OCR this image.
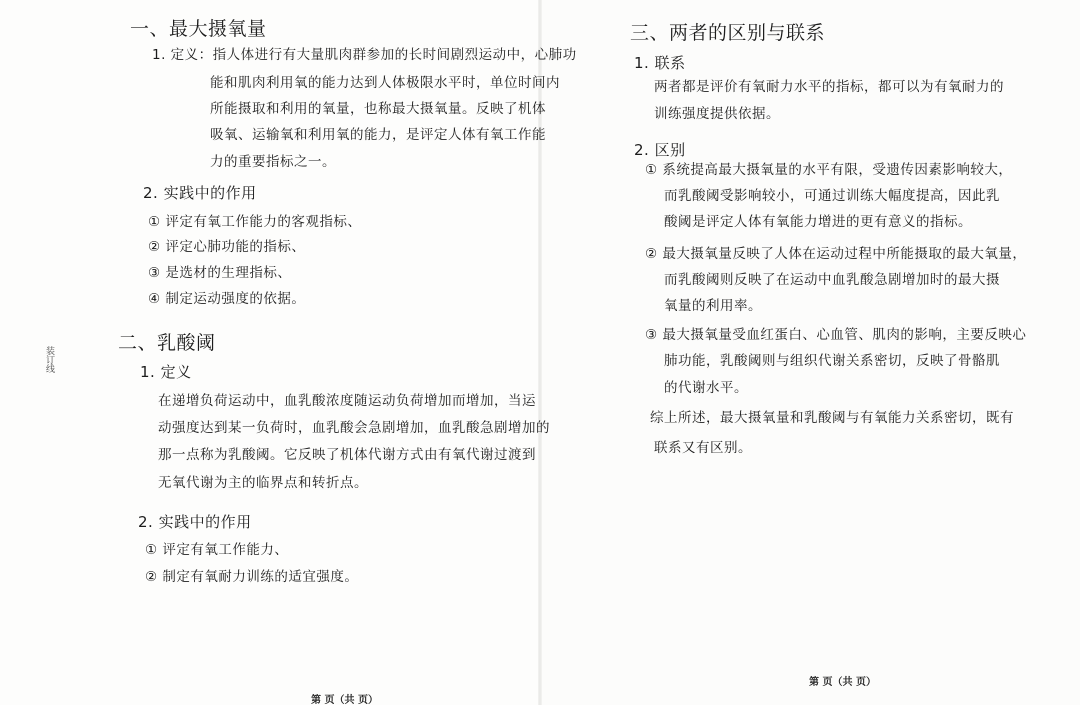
装订线
一、最大摄氧量
1. 定义：指人体进行有大量肌肉群参加的长时间剧烈运动中，心肺功
能和肌肉利用氧的能力达到人体极限水平时，单位时间内
所能摄取和利用的氧量，也称最大摄氧量。反映了机体
吸氧、运输氧和利用氧的能力，是评定人体有氧工作能
力的重要指标之一。
2. 实践中的作用
① 评定有氧工作能力的客观指标、
② 评定心肺功能的指标、
③ 是选材的生理指标、
④ 制定运动强度的依据。
二、乳酸阈
1. 定义
在递增负荷运动中，血乳酸浓度随运动负荷增加而增加，当运
动强度达到某一负荷时，血乳酸会急剧增加，血乳酸急剧增加的
那一点称为乳酸阈。它反映了机体代谢方式由有氧代谢过渡到
无氧代谢为主的临界点和转折点。
2. 实践中的作用
① 评定有氧工作能力、
② 制定有氧耐力训练的适宜强度。
第 页（共 页）
三、两者的区别与联系
1. 联系
两者都是评价有氧耐力水平的指标，都可以为有氧耐力的
训练强度提供依据。
2. 区别
① 系统提高最大摄氧量的水平有限，受遗传因素影响较大，
而乳酸阈受影响较小，可通过训练大幅度提高，因此乳
酸阈是评定人体有氧能力增进的更有意义的指标。
② 最大摄氧量反映了人体在运动过程中所能摄取的最大氧量，
而乳酸阈则反映了在运动中血乳酸急剧增加时的最大摄
氧量的利用率。
③ 最大摄氧量受血红蛋白、心血管、肌肉的影响，主要反映心
肺功能，乳酸阈则与组织代谢关系密切，反映了骨骼肌
的代谢水平。
综上所述，最大摄氧量和乳酸阈与有氧能力关系密切，既有
联系又有区别。
第 页（共 页）
